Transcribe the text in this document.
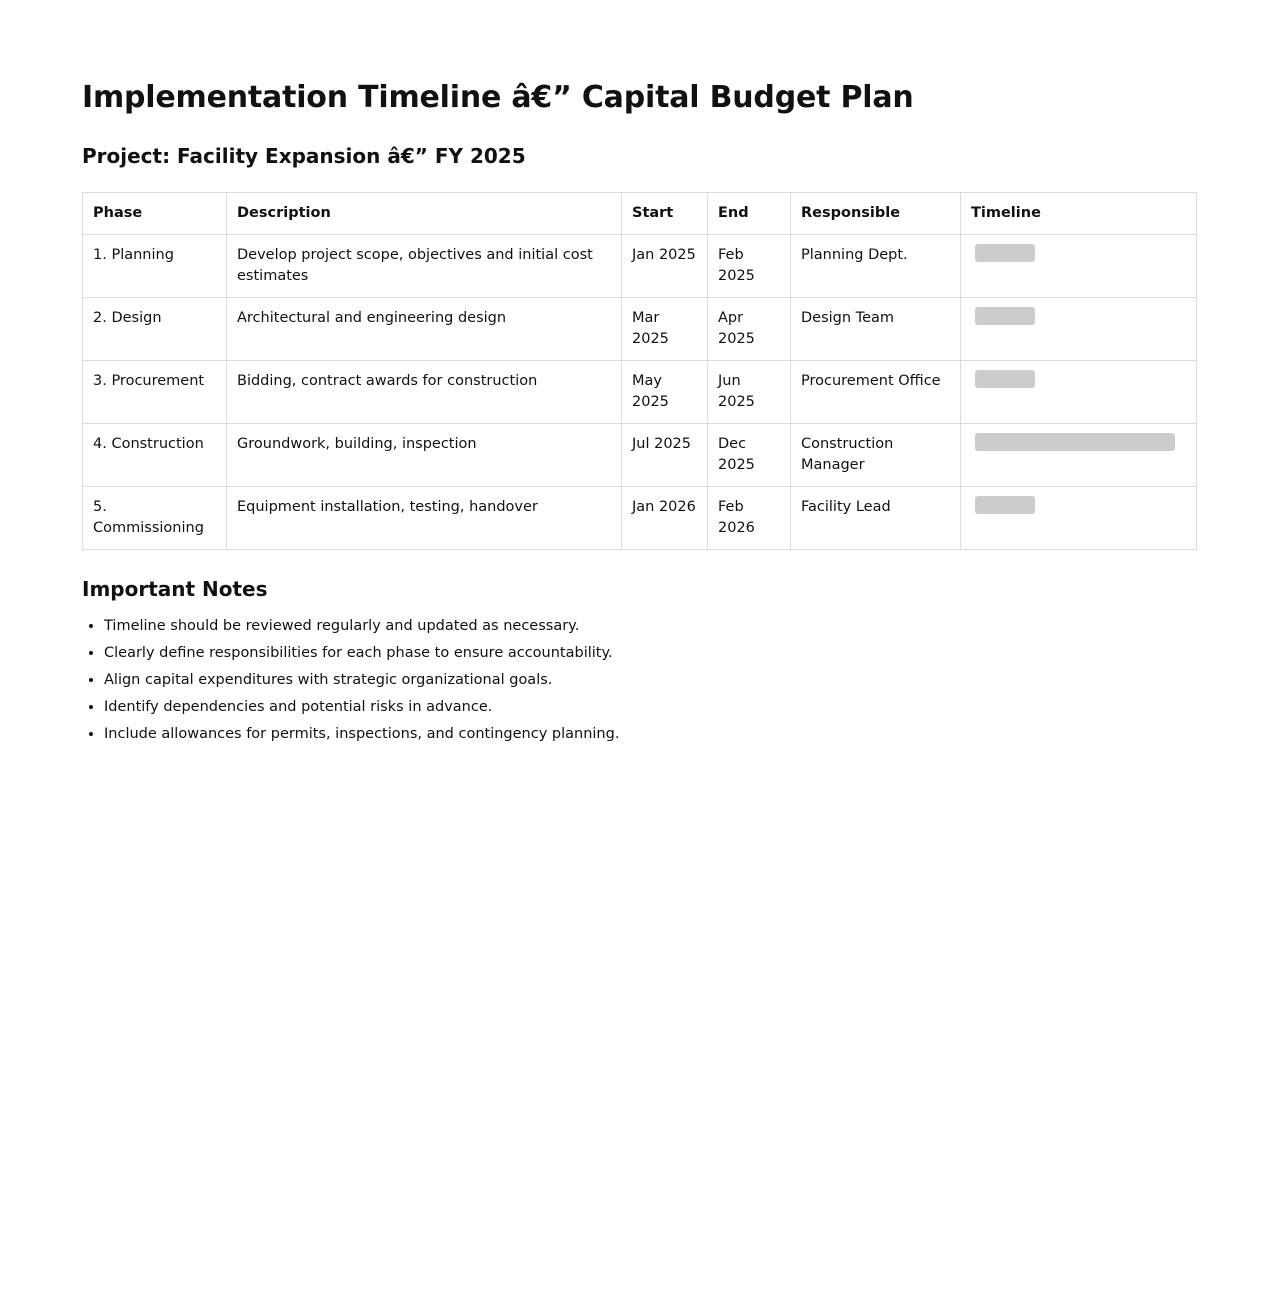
Implementation Timeline â€” Capital Budget Plan
Project: Facility Expansion â€” FY 2025
Phase	Description	Start	End	Responsible	Timeline
1. Planning	Develop project scope, objectives and initial cost estimates	Jan 2025	Feb 2025	Planning Dept.	

2. Design	Architectural and engineering design	Mar 2025	Apr 2025	Design Team	

3. Procurement	Bidding, contract awards for construction	May 2025	Jun 2025	Procurement Office	

4. Construction	Groundwork, building, inspection	Jul 2025	Dec 2025	Construction Manager	

5. Commissioning	Equipment installation, testing, handover	Jan 2026	Feb 2026	Facility Lead	
Important Notes
• Timeline should be reviewed regularly and updated as necessary.
• Clearly define responsibilities for each phase to ensure accountability.
• Align capital expenditures with strategic organizational goals.
• Identify dependencies and potential risks in advance.
• Include allowances for permits, inspections, and contingency planning.
